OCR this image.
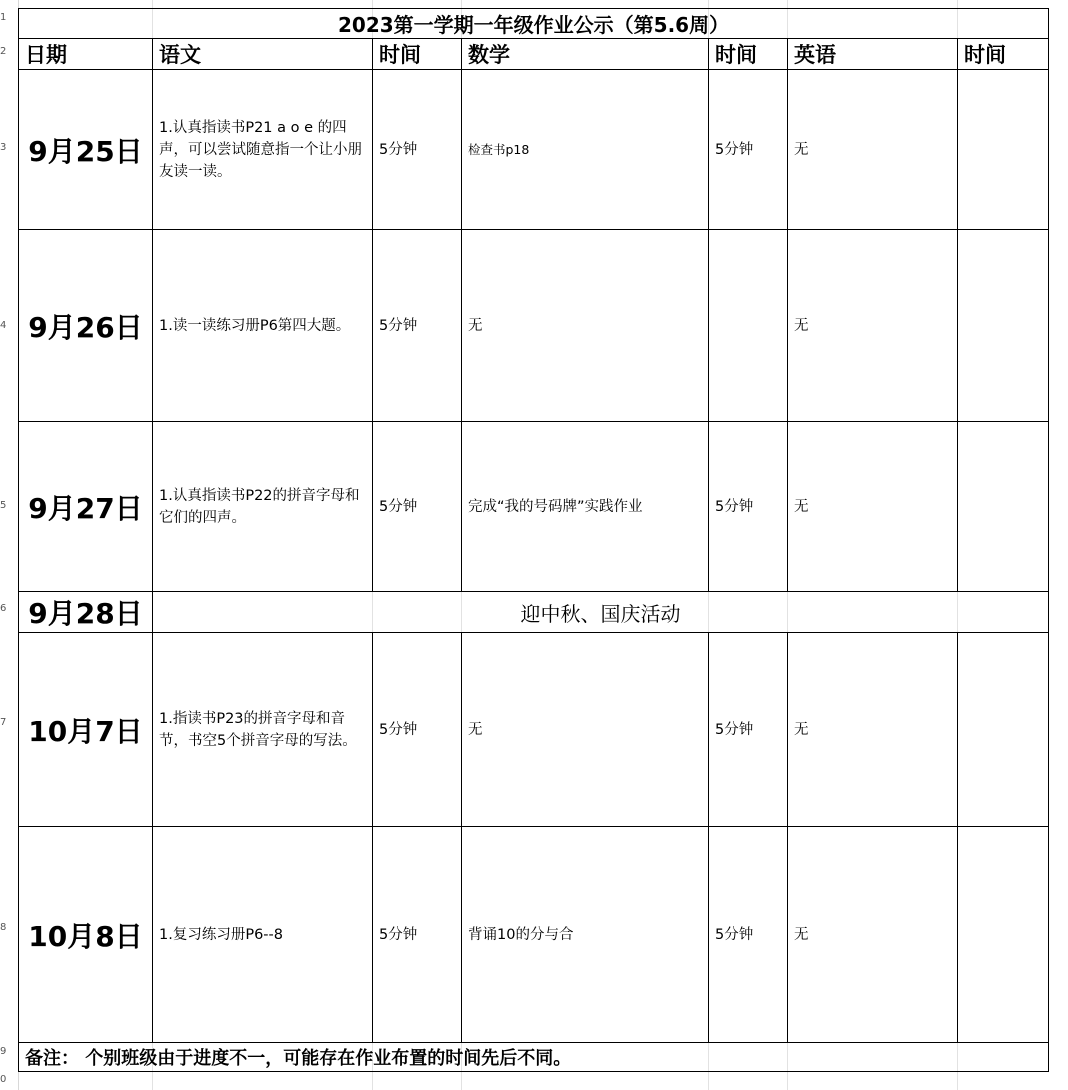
1
2
3
4
5
6
7
8
9
0
2023第一学期一年级作业公示（第5.6周）						
日期	语文	时间	数学	时间	英语	时间
9月25日	1.认真指读书P21 a o e 的四声，可以尝试随意指一个让小朋友读一读。	5分钟	检查书p18	5分钟	无	
9月26日	1.读一读练习册P6第四大题。	5分钟	无		无	
9月27日	1.认真指读书P22的拼音字母和它们的四声。	5分钟	完成“我的号码牌”实践作业	5分钟	无	
9月28日	迎中秋、国庆活动					
10月7日	1.指读书P23的拼音字母和音节，书空5个拼音字母的写法。	5分钟	无	5分钟	无	
10月8日	1.复习练习册P6--8	5分钟	背诵10的分与合	5分钟	无	
备注： 个别班级由于进度不一，可能存在作业布置的时间先后不同。						
